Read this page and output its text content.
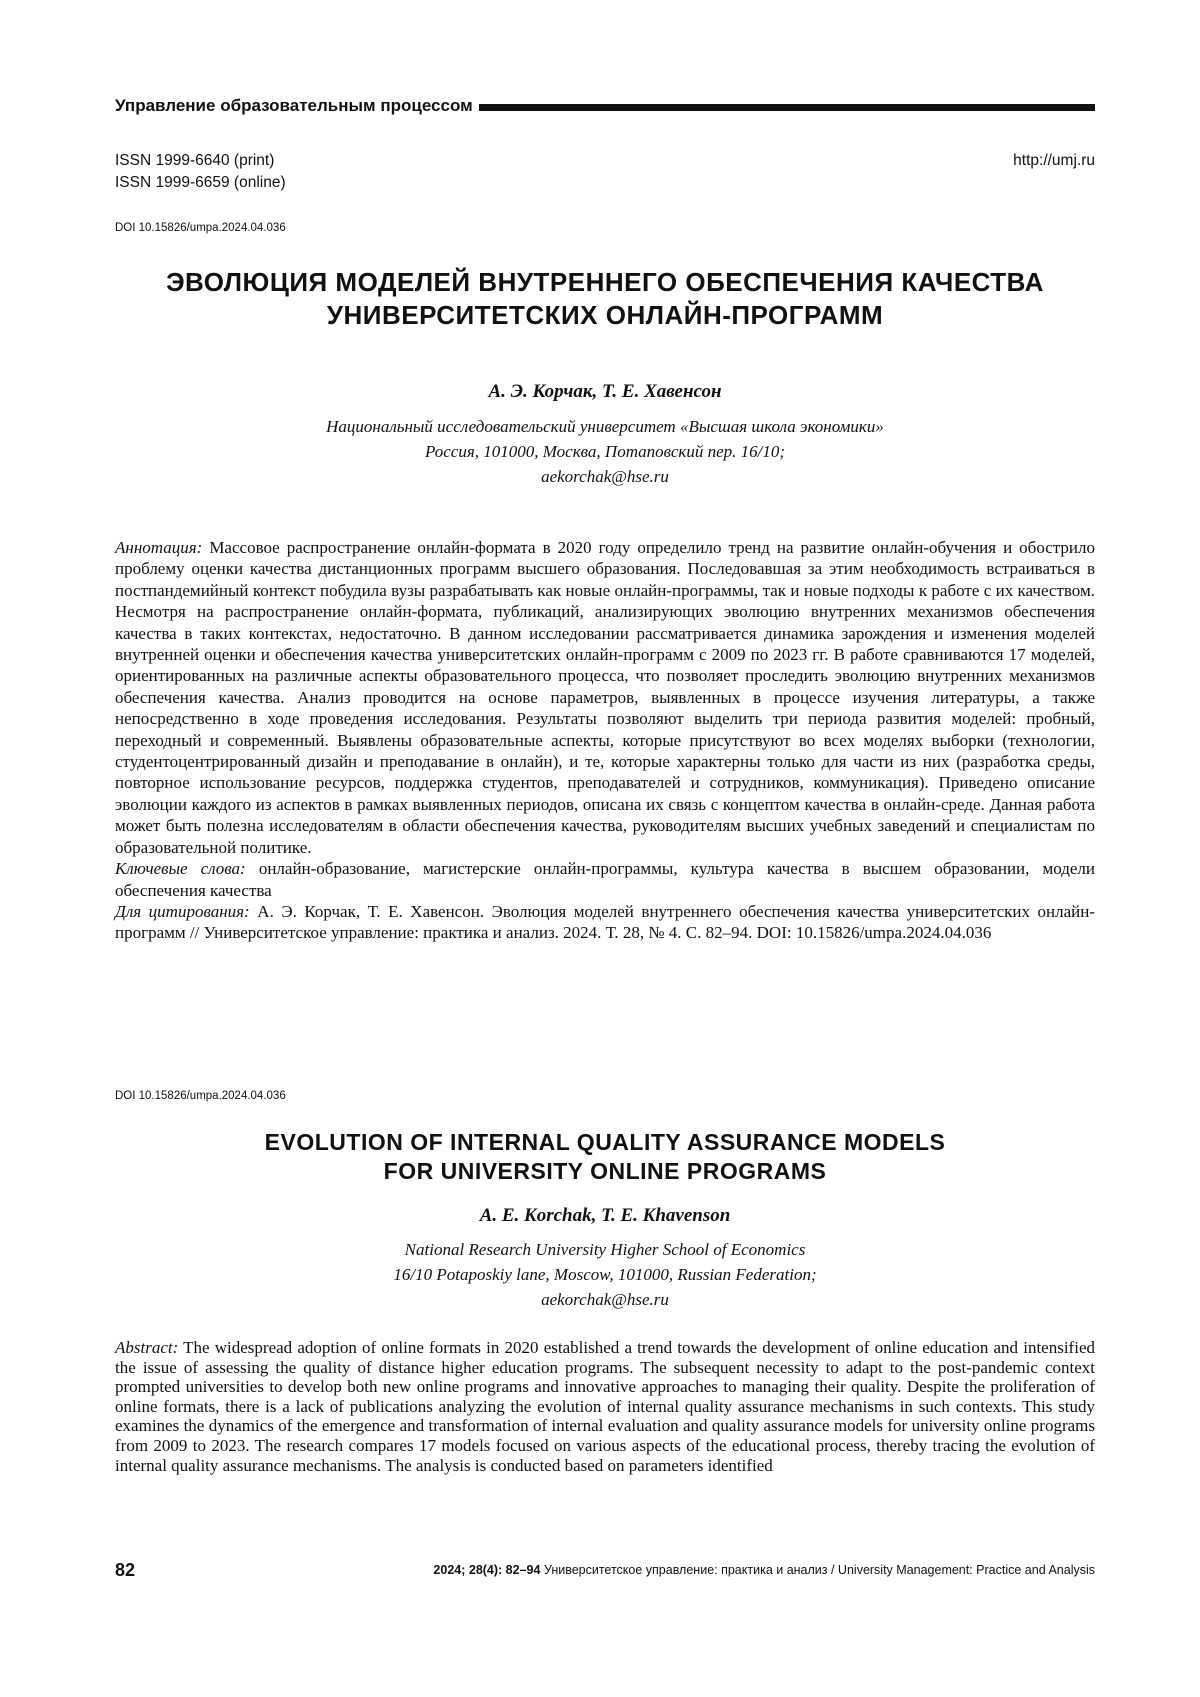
Управление образовательным процессом
ISSN 1999-6640 (print)
ISSN 1999-6659 (online)
http://umj.ru
DOI 10.15826/umpa.2024.04.036
ЭВОЛЮЦИЯ МОДЕЛЕЙ ВНУТРЕННЕГО ОБЕСПЕЧЕНИЯ КАЧЕСТВА
УНИВЕРСИТЕТСКИХ ОНЛАЙН-ПРОГРАММ
А. Э. Корчак, Т. Е. Хавенсон
Национальный исследовательский университет «Высшая школа экономики»
Россия, 101000, Москва, Потаповский пер. 16/10;
aekorchak@hse.ru

Аннотация: Массовое распространение онлайн-формата в 2020 году определило тренд на развитие онлайн-обучения и обострило проблему оценки качества дистанционных программ высшего образования. Последовавшая за этим необходимость встраиваться в постпандемийный контекст побудила вузы разрабатывать как новые онлайн-программы, так и новые подходы к работе с их качеством. Несмотря на распространение онлайн-формата, публикаций, анализирующих эволюцию внутренних механизмов обеспечения качества в таких контекстах, недостаточно. В данном исследовании рассматривается динамика зарождения и изменения моделей внутренней оценки и обеспечения качества университетских онлайн-программ с 2009 по 2023 гг. В работе сравниваются 17 моделей, ориентированных на различные аспекты образовательного процесса, что позволяет проследить эволюцию внутренних механизмов обеспечения качества. Анализ проводится на основе параметров, выявленных в процессе изучения литературы, а также непосредственно в ходе проведения исследования. Результаты позволяют выделить три периода развития моделей: пробный, переходный и современный. Выявлены образовательные аспекты, которые присутствуют во всех моделях выборки (технологии, студентоцентрированный дизайн и преподавание в онлайн), и те, которые характерны только для части из них (разработка среды, повторное использование ресурсов, поддержка студентов, преподавателей и сотрудников, коммуникация). Приведено описание эволюции каждого из аспектов в рамках выявленных периодов, описана их связь с концептом качества в онлайн-среде. Данная работа может быть полезна исследователям в области обеспечения качества, руководителям высших учебных заведений и специалистам по образовательной политике.

Ключевые слова: онлайн-образование, магистерские онлайн-программы, культура качества в высшем образовании, модели обеспечения качества

Для цитирования: А. Э. Корчак, Т. Е. Хавенсон. Эволюция моделей внутреннего обеспечения качества университетских онлайн-программ // Университетское управление: практика и анализ. 2024. Т. 28, № 4. С. 82–94. DOI: 10.15826/umpa.2024.04.036

DOI 10.15826/umpa.2024.04.036
EVOLUTION OF INTERNAL QUALITY ASSURANCE MODELS
FOR UNIVERSITY ONLINE PROGRAMS
A. E. Korchak, T. E. Khavenson
National Research University Higher School of Economics
16/10 Potaposkiy lane, Moscow, 101000, Russian Federation;
aekorchak@hse.ru

Abstract: The widespread adoption of online formats in 2020 established a trend towards the development of online education and intensified the issue of assessing the quality of distance higher education programs. The subsequent necessity to adapt to the post-pandemic context prompted universities to develop both new online programs and innovative approaches to managing their quality. Despite the proliferation of online formats, there is a lack of publications analyzing the evolution of internal quality assurance mechanisms in such contexts. This study examines the dynamics of the emergence and transformation of internal evaluation and quality assurance models for university online programs from 2009 to 2023. The research compares 17 models focused on various aspects of the educational process, thereby tracing the evolution of internal quality assurance mechanisms. The analysis is conducted based on parameters identified

82	2024; 28(4): 82–94 Университетское управление: практика и анализ / University Management: Practice and Analysis
